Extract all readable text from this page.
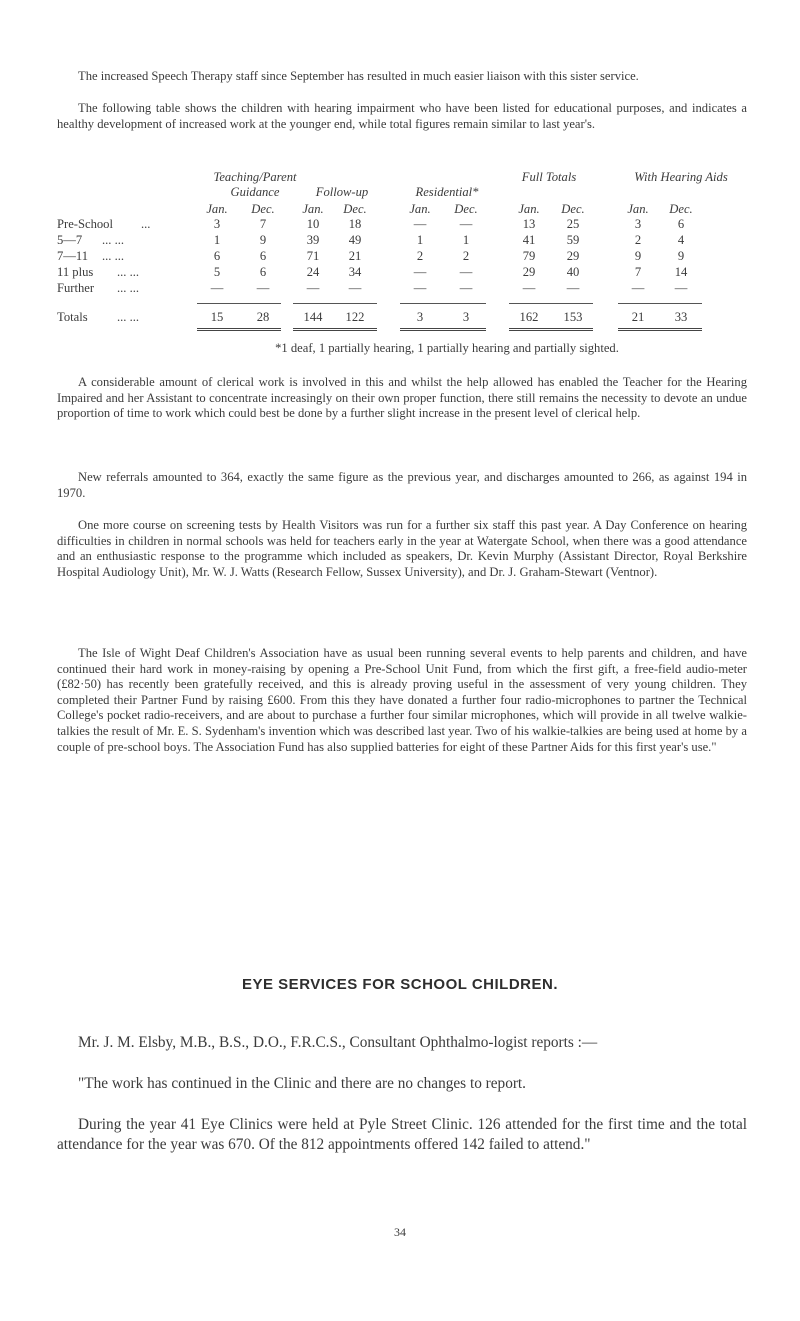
The increased Speech Therapy staff since September has resulted in much easier liaison with this sister service.

The following table shows the children with hearing impairment who have been listed for educational purposes, and indicates a healthy development of increased work at the younger end, while total figures remain similar to last year's.

Teaching/Parent Guidance	Follow-up	Residential*
Full Totals	With Hearing Aids
Jan.	Dec.	Jan.	Dec.	Jan.	Dec.	Jan.	Dec.	Jan.	Dec.
Pre-School ...	3	7	10	18	—	—	13	25	3	6
5—7 ... ...	1	9	39	49	1	1	41	59	2	4
7—11 ... ...	6	6	71	21	2	2	79	29	9	9
11 plus ... ...	5	6	24	34	—	—	29	40	7	14
Further ... ...	—	—	—	—	—	—	—	—	—	—
Totals ... ...	15	28	144	122	3	3	162	153	21	33
*1 deaf, 1 partially hearing, 1 partially hearing and partially sighted.

A considerable amount of clerical work is involved in this and whilst the help allowed has enabled the Teacher for the Hearing Impaired and her Assistant to concentrate increasingly on their own proper function, there still remains the necessity to devote an undue proportion of time to work which could best be done by a further slight increase in the present level of clerical help.

New referrals amounted to 364, exactly the same figure as the previous year, and discharges amounted to 266, as against 194 in 1970.

One more course on screening tests by Health Visitors was run for a further six staff this past year. A Day Conference on hearing difficulties in children in normal schools was held for teachers early in the year at Watergate School, when there was a good attendance and an enthusiastic response to the programme which included as speakers, Dr. Kevin Murphy (Assistant Director, Royal Berkshire Hospital Audiology Unit), Mr. W. J. Watts (Research Fellow, Sussex University), and Dr. J. Graham-Stewart (Ventnor).

The Isle of Wight Deaf Children's Association have as usual been running several events to help parents and children, and have continued their hard work in money-raising by opening a Pre-School Unit Fund, from which the first gift, a free-field audio-meter (£82·50) has recently been gratefully received, and this is already proving useful in the assessment of very young children. They completed their Partner Fund by raising £600. From this they have donated a further four radio-microphones to partner the Technical College's pocket radio-receivers, and are about to purchase a further four similar microphones, which will provide in all twelve walkie-talkies the result of Mr. E. S. Sydenham's invention which was described last year. Two of his walkie-talkies are being used at home by a couple of pre-school boys. The Association Fund has also supplied batteries for eight of these Partner Aids for this first year's use."

EYE SERVICES FOR SCHOOL CHILDREN.

Mr. J. M. Elsby, M.B., B.S., D.O., F.R.C.S., Consultant Ophthalmo-logist reports :—

"The work has continued in the Clinic and there are no changes to report.

During the year 41 Eye Clinics were held at Pyle Street Clinic. 126 attended for the first time and the total attendance for the year was 670. Of the 812 appointments offered 142 failed to attend."

34
